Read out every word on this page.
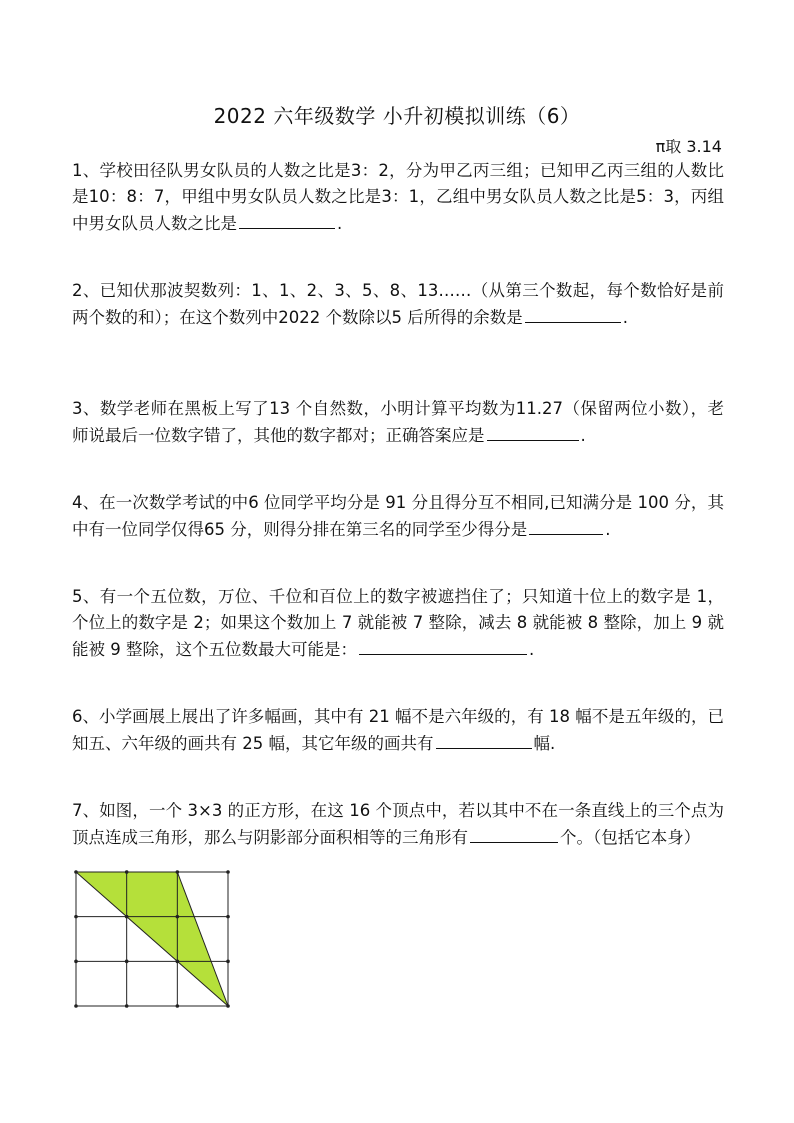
2022 六年级数学 小升初模拟训练（6）
π取 3.14
1、学校田径队男女队员的人数之比是3：2，分为甲乙丙三组；已知甲乙丙三组的人数比是10：8：7，甲组中男女队员人数之比是3：1，乙组中男女队员人数之比是5：3，丙组中男女队员人数之比是	.
2、已知伏那波契数列：1、1、2、3、5、8、13……（从第三个数起，每个数恰好是前两个数的和）；在这个数列中2022 个数除以5 后所得的余数是	.
3、数学老师在黑板上写了13 个自然数，小明计算平均数为11.27（保留两位小数），老师说最后一位数字错了，其他的数字都对；正确答案应是	.
4、在一次数学考试的中6 位同学平均分是 91 分且得分互不相同,已知满分是 100 分，其中有一位同学仅得65 分，则得分排在第三名的同学至少得分是	.
5、有一个五位数，万位、千位和百位上的数字被遮挡住了；只知道十位上的数字是 1，个位上的数字是 2；如果这个数加上 7 就能被 7 整除，减去 8 就能被 8 整除，加上 9 就能被 9 整除，这个五位数最大可能是：	.
6、小学画展上展出了许多幅画，其中有 21 幅不是六年级的，有 18 幅不是五年级的，已知五、六年级的画共有 25 幅，其它年级的画共有	幅.
7、如图，一个 3×3 的正方形，在这 16 个顶点中，若以其中不在一条直线上的三个点为顶点连成三角形，那么与阴影部分面积相等的三角形有	个。（包括它本身）
